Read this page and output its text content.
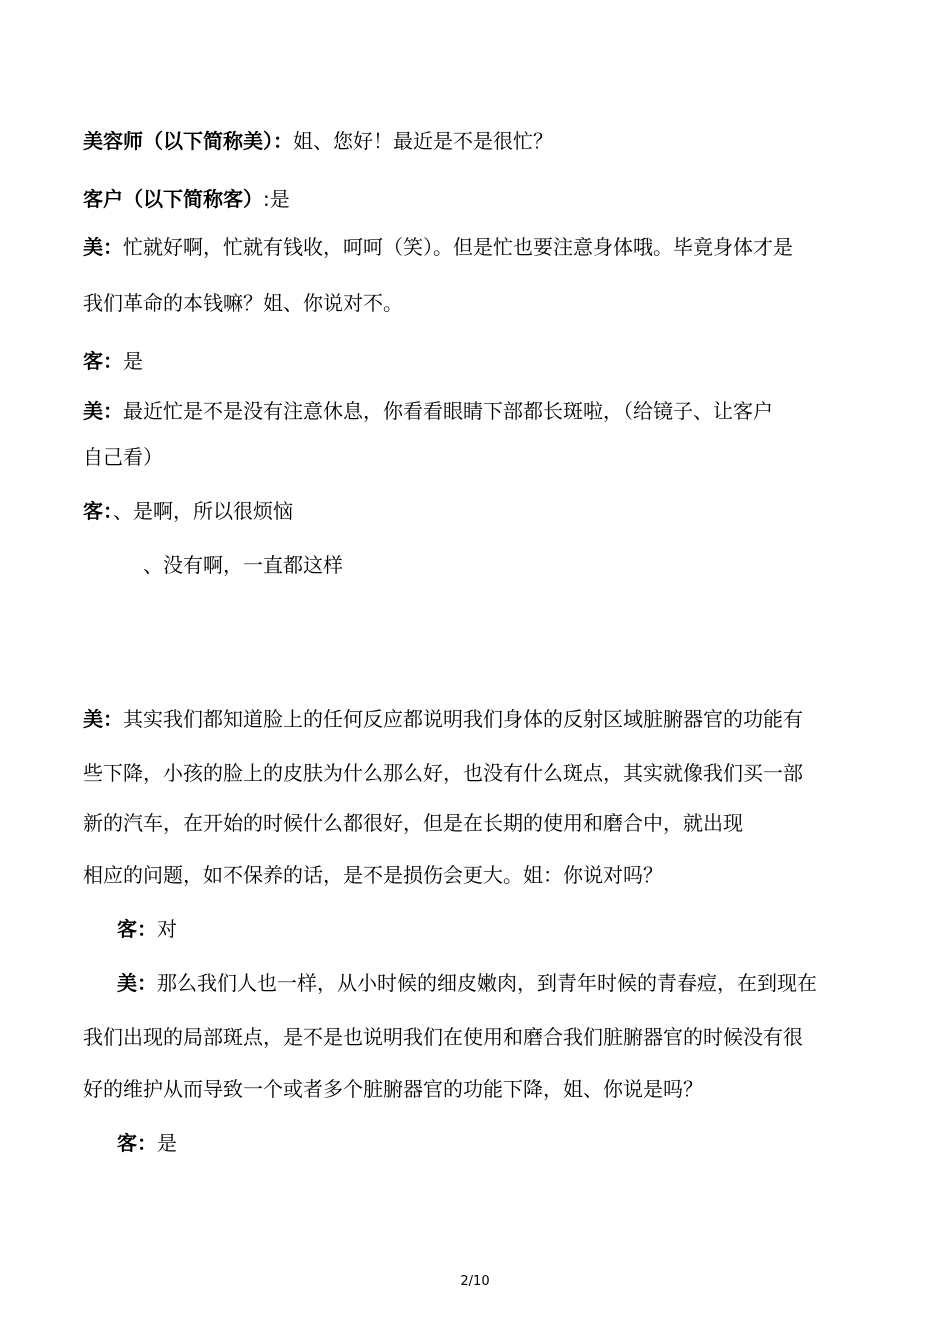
美容师（以下简称美）：姐、您好！最近是不是很忙？
客户（以下简称客）:是
美：忙就好啊，忙就有钱收，呵呵（笑）。但是忙也要注意身体哦。毕竟身体才是
我们革命的本钱嘛？姐、你说对不。
客：是
美：最近忙是不是没有注意休息，你看看眼睛下部都长斑啦，（给镜子、让客户
自己看）
客：、是啊，所以很烦恼
、没有啊，一直都这样
美：其实我们都知道脸上的任何反应都说明我们身体的反射区域脏腑器官的功能有
些下降，小孩的脸上的皮肤为什么那么好，也没有什么斑点，其实就像我们买一部
新的汽车，在开始的时候什么都很好，但是在长期的使用和磨合中，就出现
相应的问题，如不保养的话，是不是损伤会更大。姐：你说对吗？
客：对
美：那么我们人也一样，从小时候的细皮嫩肉，到青年时候的青春痘，在到现在
我们出现的局部斑点，是不是也说明我们在使用和磨合我们脏腑器官的时候没有很
好的维护从而导致一个或者多个脏腑器官的功能下降，姐、你说是吗？
客：是
2/10
